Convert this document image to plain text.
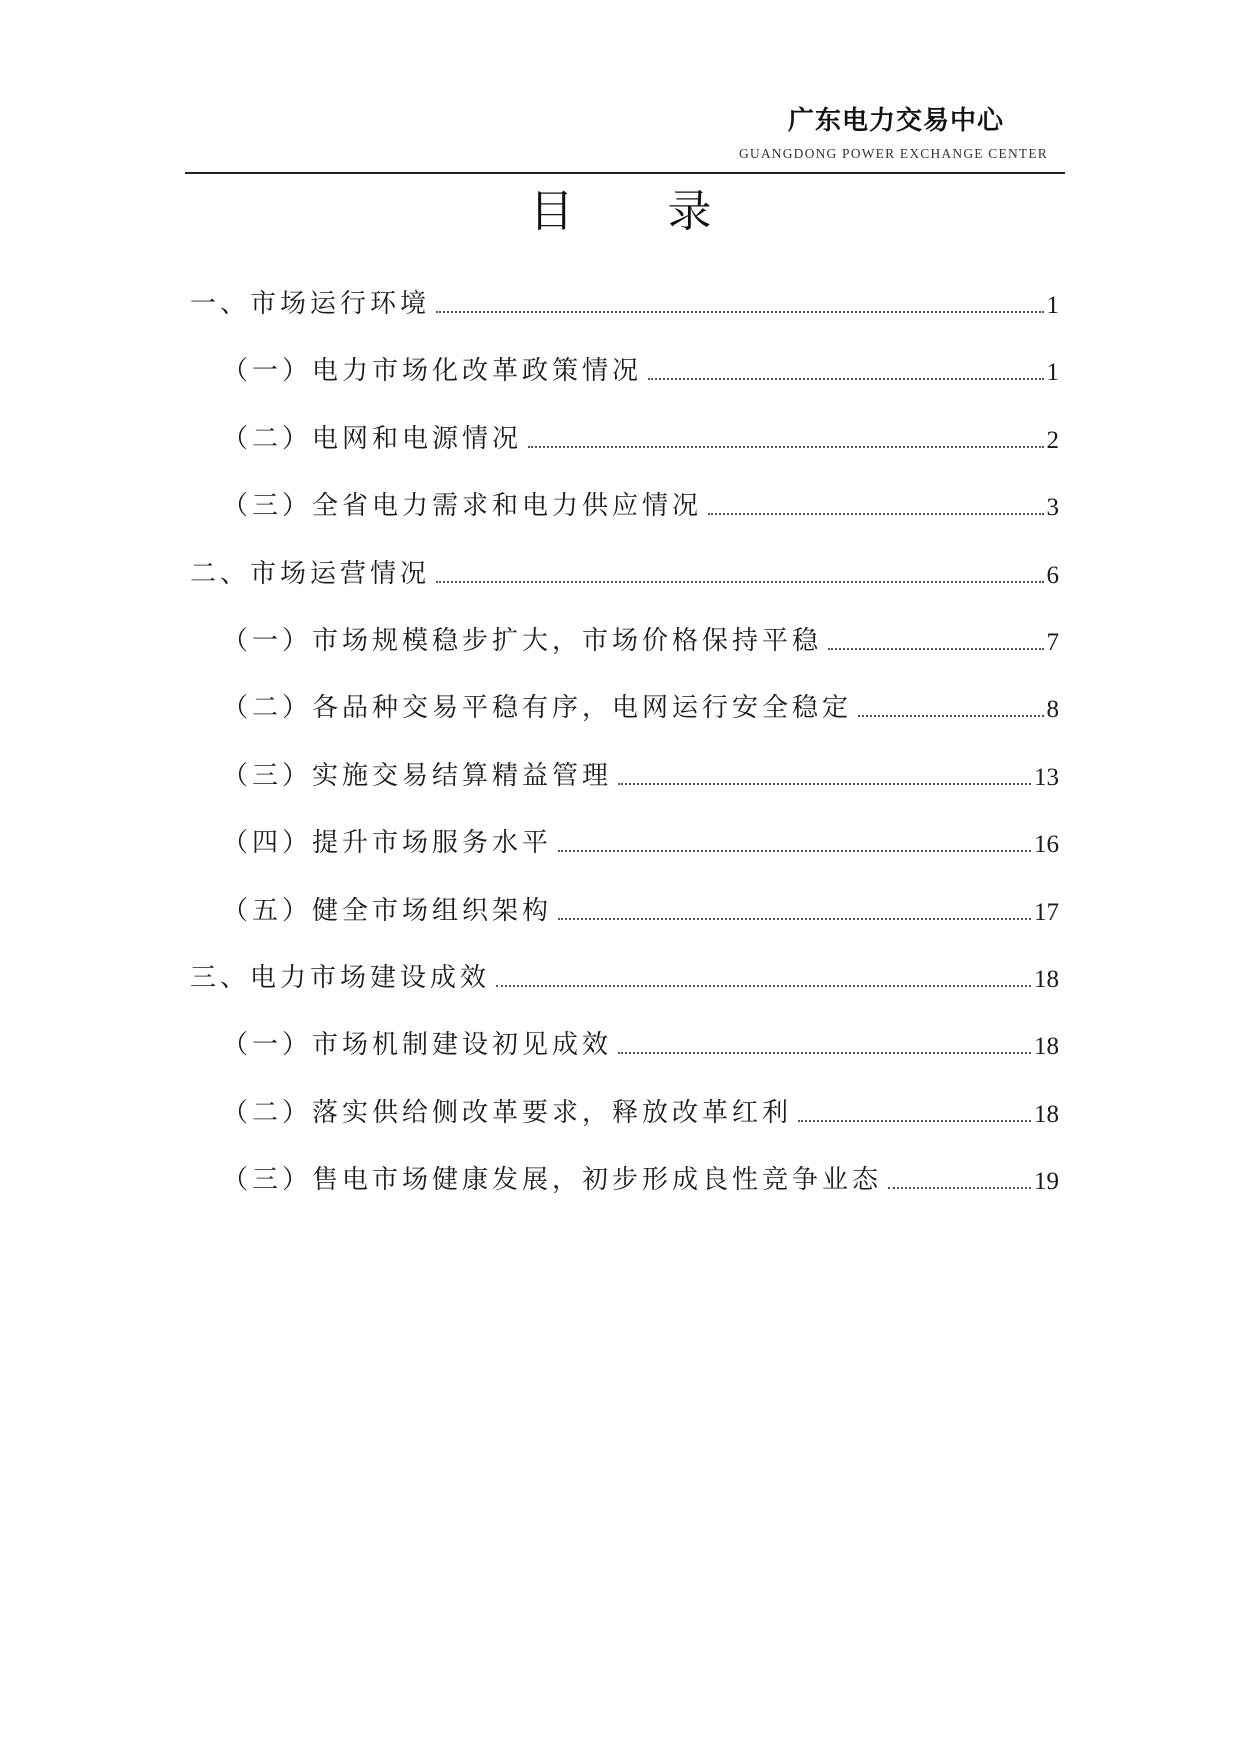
广东电力交易中心
GUANGDONG POWER EXCHANGE CENTER
目 录
一、市场运行环境	1
（一）电力市场化改革政策情况	1
（二）电网和电源情况	2
（三）全省电力需求和电力供应情况	3
二、市场运营情况	6
（一）市场规模稳步扩大，市场价格保持平稳	7
（二）各品种交易平稳有序，电网运行安全稳定	8
（三）实施交易结算精益管理	13
（四）提升市场服务水平	16
（五）健全市场组织架构	17
三、电力市场建设成效	18
（一）市场机制建设初见成效	18
（二）落实供给侧改革要求，释放改革红利	18
（三）售电市场健康发展，初步形成良性竞争业态	19
